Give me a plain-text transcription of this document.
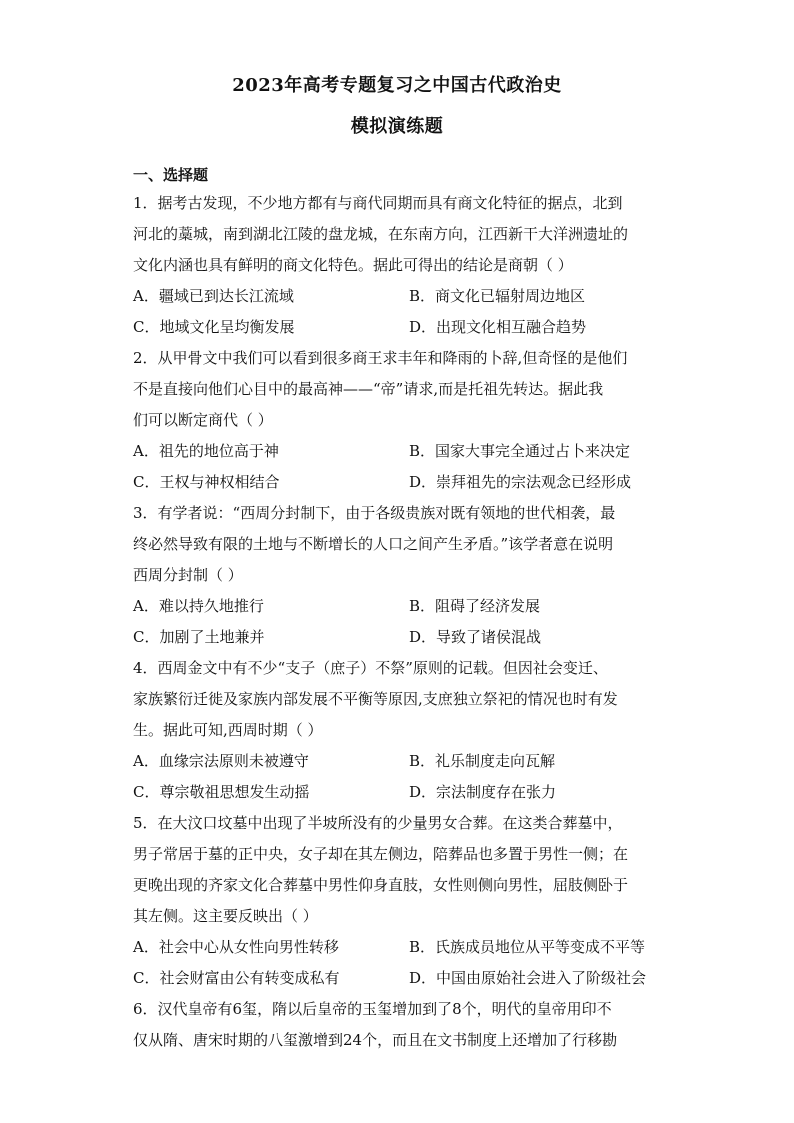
2023年高考专题复习之中国古代政治史
模拟演练题
一、选择题
1．据考古发现，不少地方都有与商代同期而具有商文化特征的据点，北到
河北的藁城，南到湖北江陵的盘龙城，在东南方向，江西新干大洋洲遗址的
文化内涵也具有鲜明的商文化特色。据此可得出的结论是商朝（ ）
A．疆域已到达长江流域	B．商文化已辐射周边地区
C．地域文化呈均衡发展	D．出现文化相互融合趋势
2．从甲骨文中我们可以看到很多商王求丰年和降雨的卜辞,但奇怪的是他们
不是直接向他们心目中的最高神——“帝”请求,而是托祖先转达。据此我
们可以断定商代（ ）
A．祖先的地位高于神	B．国家大事完全通过占卜来决定
C．王权与神权相结合	D．崇拜祖先的宗法观念已经形成
3．有学者说：“西周分封制下，由于各级贵族对既有领地的世代相袭，最
终必然导致有限的土地与不断增长的人口之间产生矛盾。”该学者意在说明
西周分封制（ ）
A．难以持久地推行	B．阻碍了经济发展
C．加剧了土地兼并	D．导致了诸侯混战
4．西周金文中有不少“支子（庶子）不祭”原则的记载。但因社会变迁、
家族繁衍迁徙及家族内部发展不平衡等原因,支庶独立祭祀的情况也时有发
生。据此可知,西周时期（ ）
A．血缘宗法原则未被遵守	B．礼乐制度走向瓦解
C．尊宗敬祖思想发生动摇	D．宗法制度存在张力
5．在大汶口坟墓中出现了半坡所没有的少量男女合葬。在这类合葬墓中，
男子常居于墓的正中央，女子却在其左侧边，陪葬品也多置于男性一侧；在
更晚出现的齐家文化合葬墓中男性仰身直肢，女性则侧向男性，屈肢侧卧于
其左侧。这主要反映出（ ）
A．社会中心从女性向男性转移	B．氏族成员地位从平等变成不平等
C．社会财富由公有转变成私有	D．中国由原始社会进入了阶级社会
6．汉代皇帝有6玺，隋以后皇帝的玉玺增加到了8个，明代的皇帝用印不
仅从隋、唐宋时期的八玺激增到24个，而且在文书制度上还增加了行移勘
